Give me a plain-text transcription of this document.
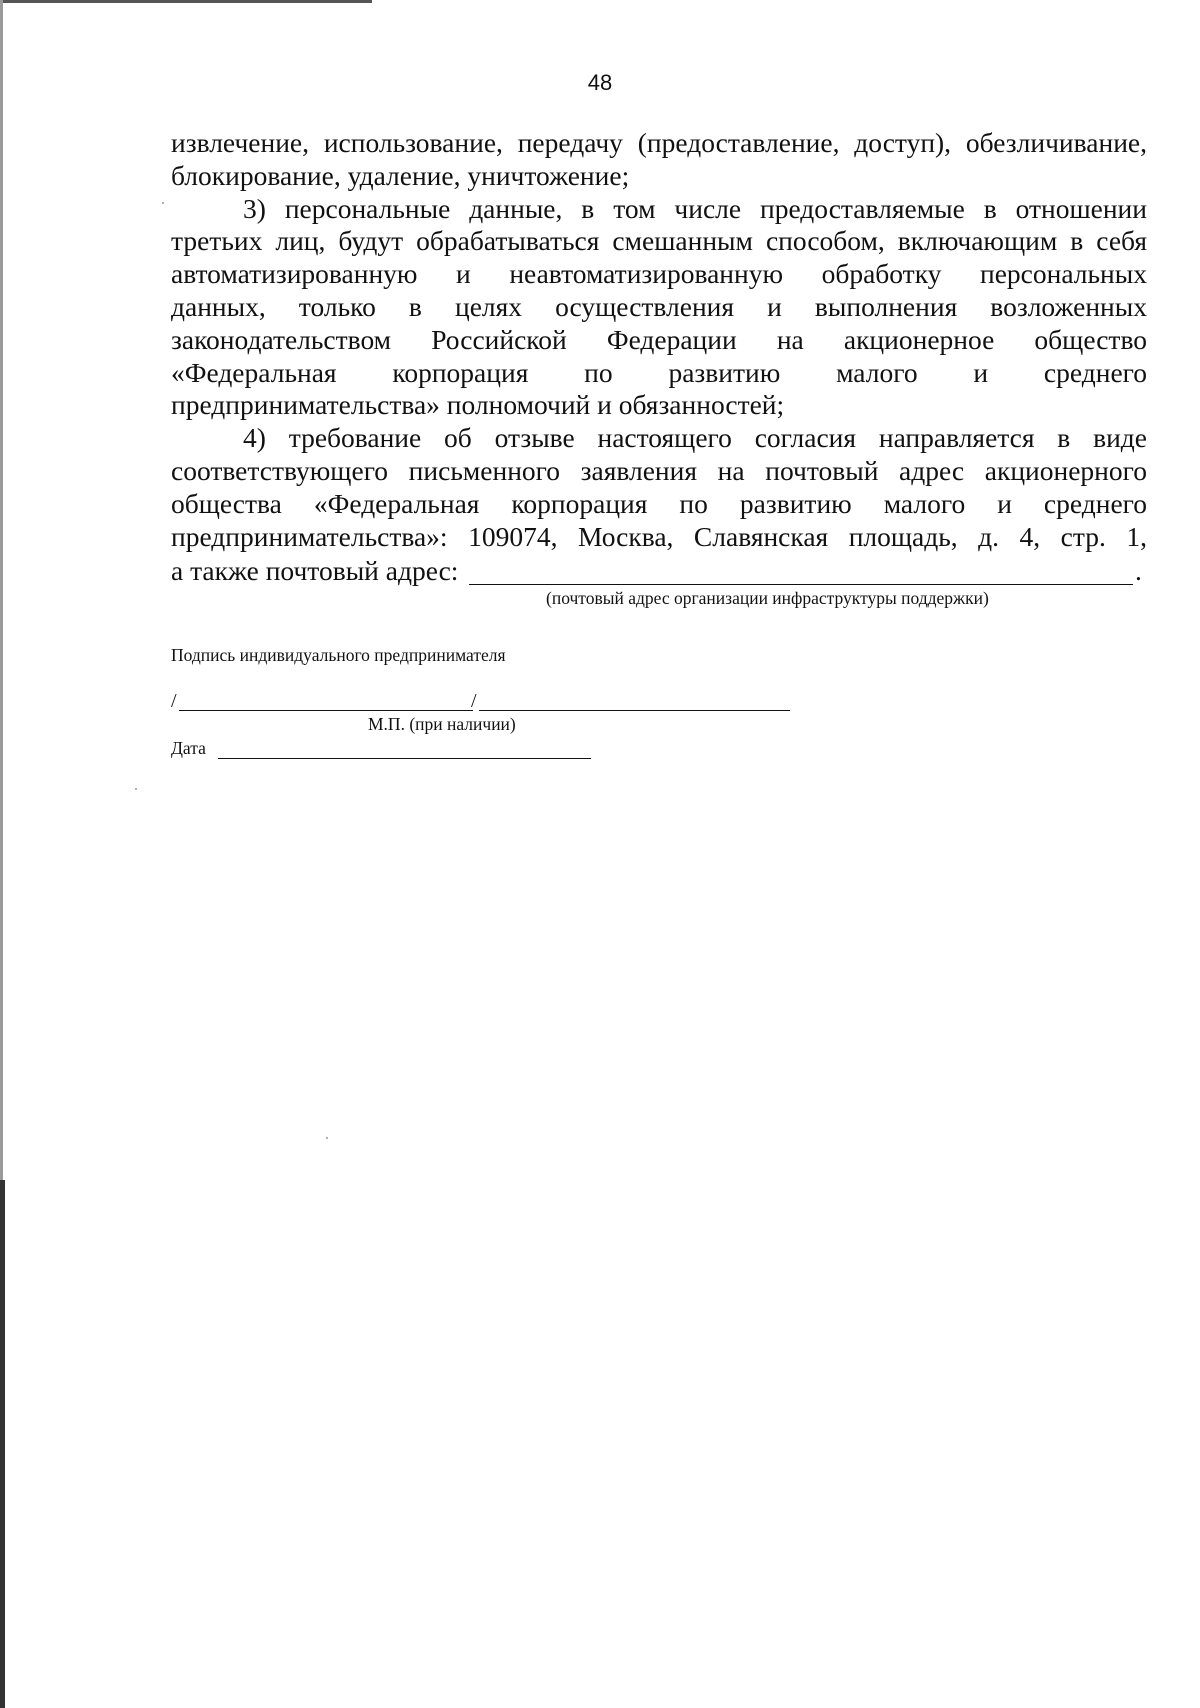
48

извлечение, использование, передачу (предоставление, доступ), обезличивание,
блокирование, удаление, уничтожение;

3) персональные данные, в том числе предоставляемые в отношении
третьих лиц, будут обрабатываться смешанным способом, включающим в себя
автоматизированную и неавтоматизированную обработку персональных
данных, только в целях осуществления и выполнения возложенных
законодательством Российской Федерации на акционерное общество
«Федеральная корпорация по развитию малого и среднего
предпринимательства» полномочий и обязанностей;

4) требование об отзыве настоящего согласия направляется в виде
соответствующего письменного заявления на почтовый адрес акционерного
общества «Федеральная корпорация по развитию малого и среднего
предпринимательства»: 109074, Москва, Славянская площадь, д. 4, стр. 1,

а также почтовый адрес:	.
(почтовый адрес организации инфраструктуры поддержки)
Подпись индивидуального предпринимателя
/	/
М.П. (при наличии)
Дата
